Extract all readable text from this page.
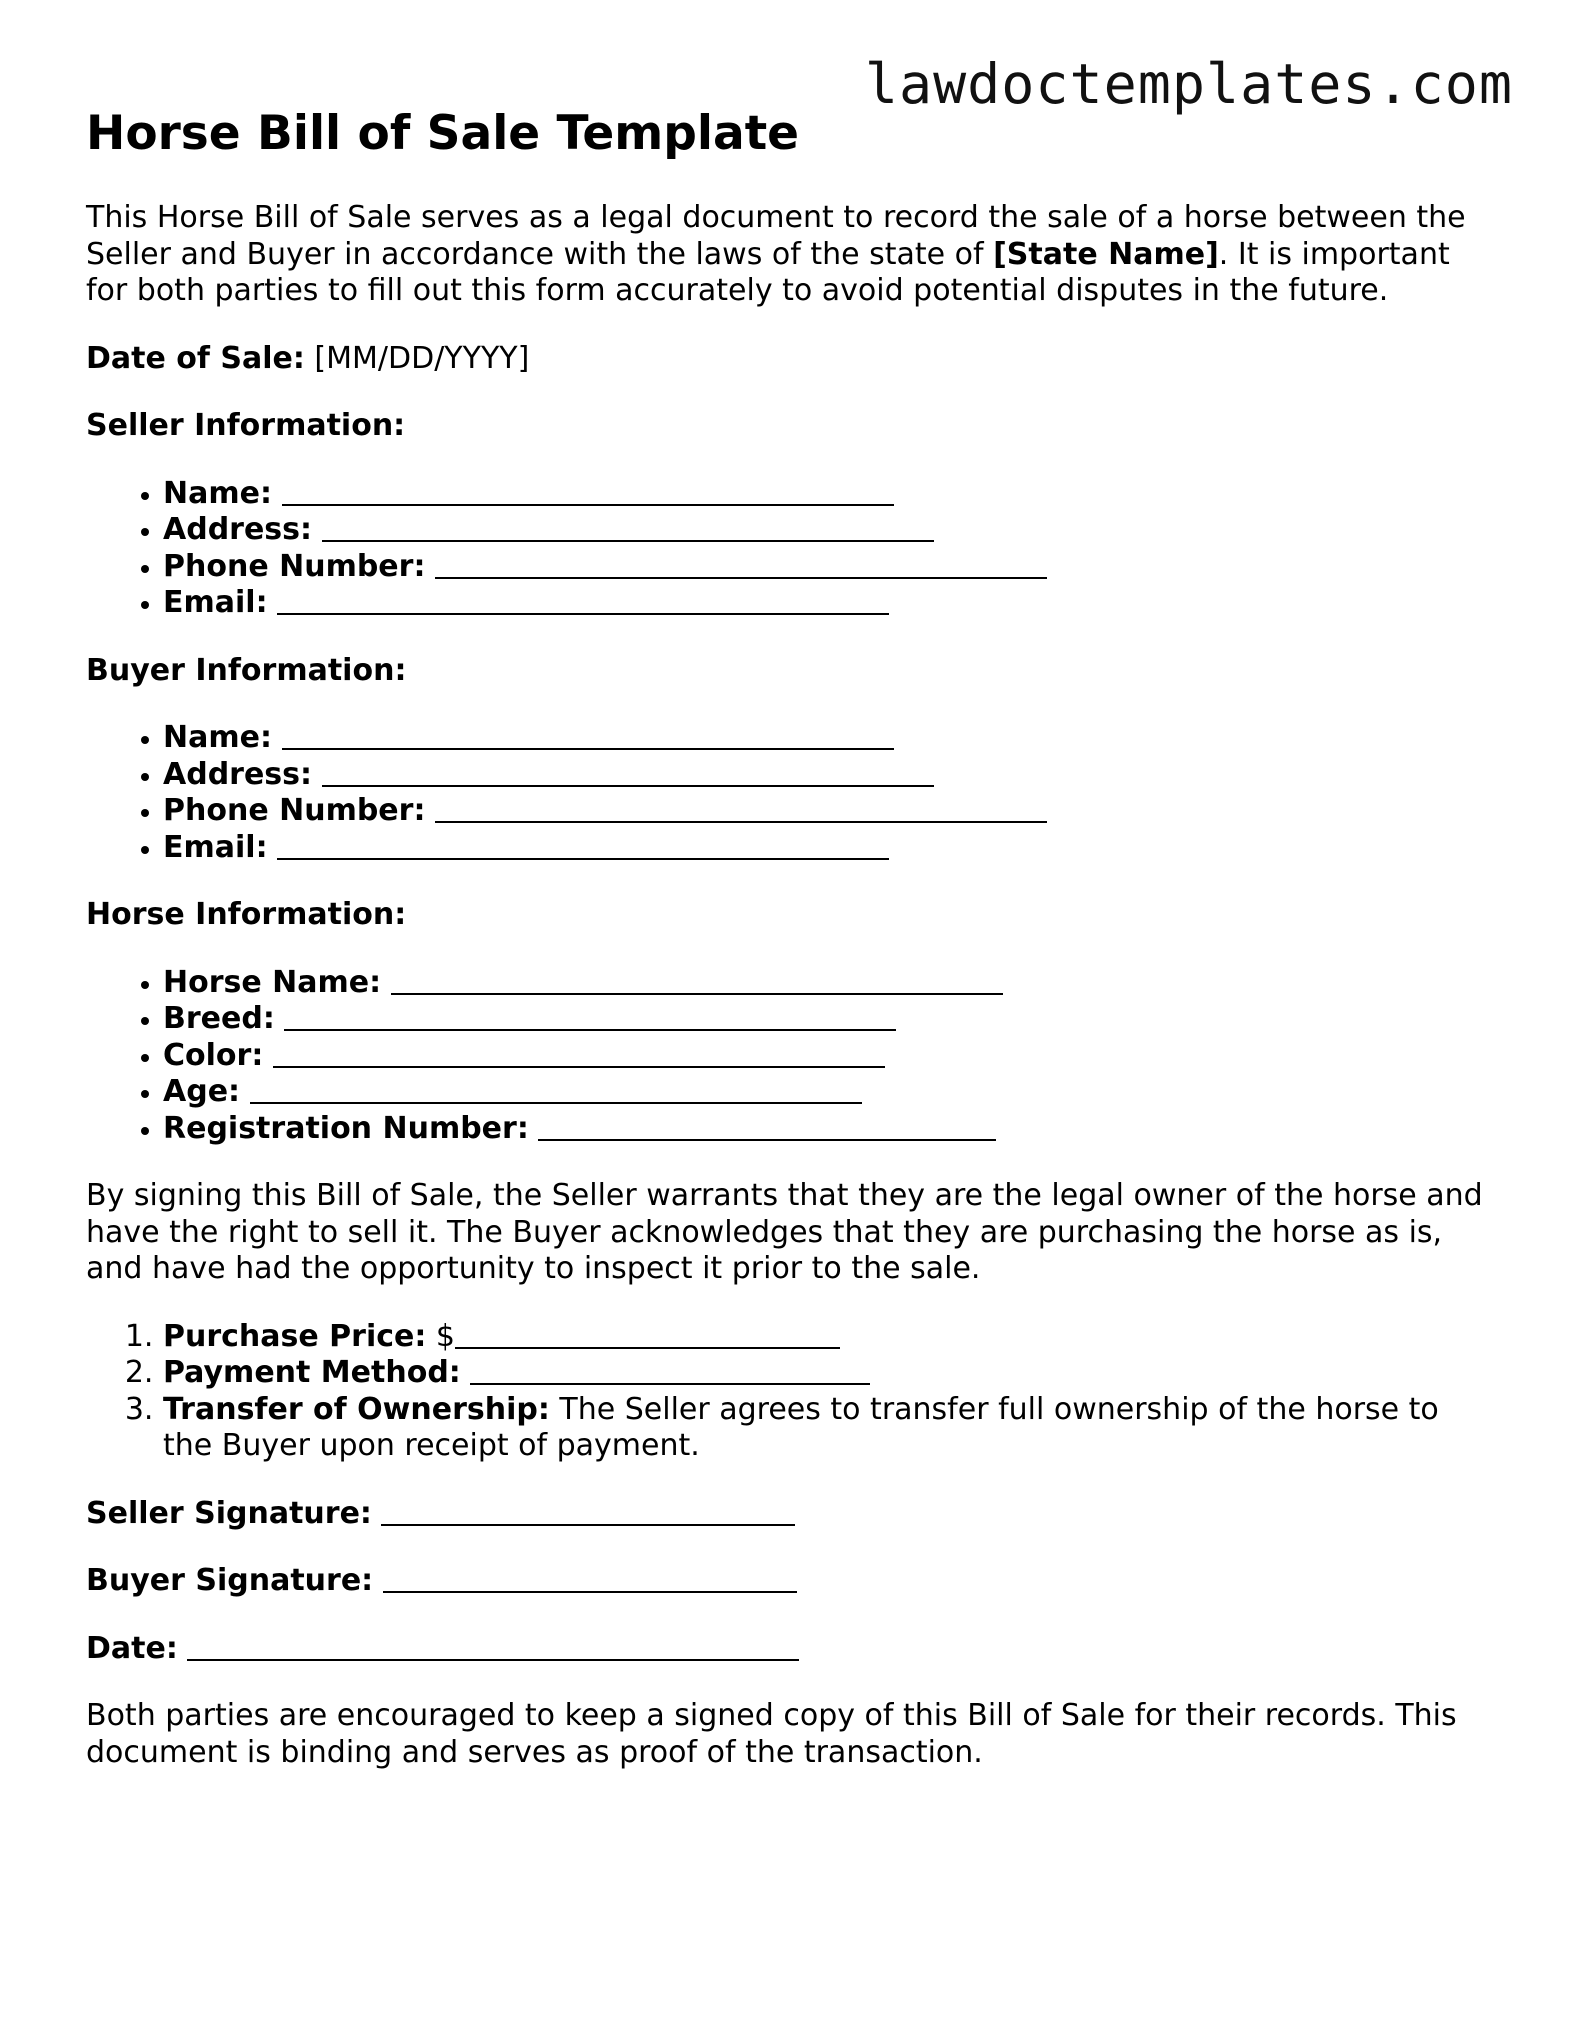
lawdoctemplates.com
Horse Bill of Sale Template

This Horse Bill of Sale serves as a legal document to record the sale of a horse between the Seller and Buyer in accordance with the laws of the state of [State Name]. It is important for both parties to fill out this form accurately to avoid potential disputes in the future.

Date of Sale: [MM/DD/YYYY]

Seller Information:

• Name:
• Address:
• Phone Number:
• Email:

Buyer Information:

• Name:
• Address:
• Phone Number:
• Email:

Horse Information:

• Horse Name:
• Breed:
• Color:
• Age:
• Registration Number:

By signing this Bill of Sale, the Seller warrants that they are the legal owner of the horse and have the right to sell it. The Buyer acknowledges that they are purchasing the horse as is, and have had the opportunity to inspect it prior to the sale.

1. Purchase Price: $
2. Payment Method:
3. Transfer of Ownership: The Seller agrees to transfer full ownership of the horse to the Buyer upon receipt of payment.

Seller Signature:

Buyer Signature:

Date:

Both parties are encouraged to keep a signed copy of this Bill of Sale for their records. This document is binding and serves as proof of the transaction.
